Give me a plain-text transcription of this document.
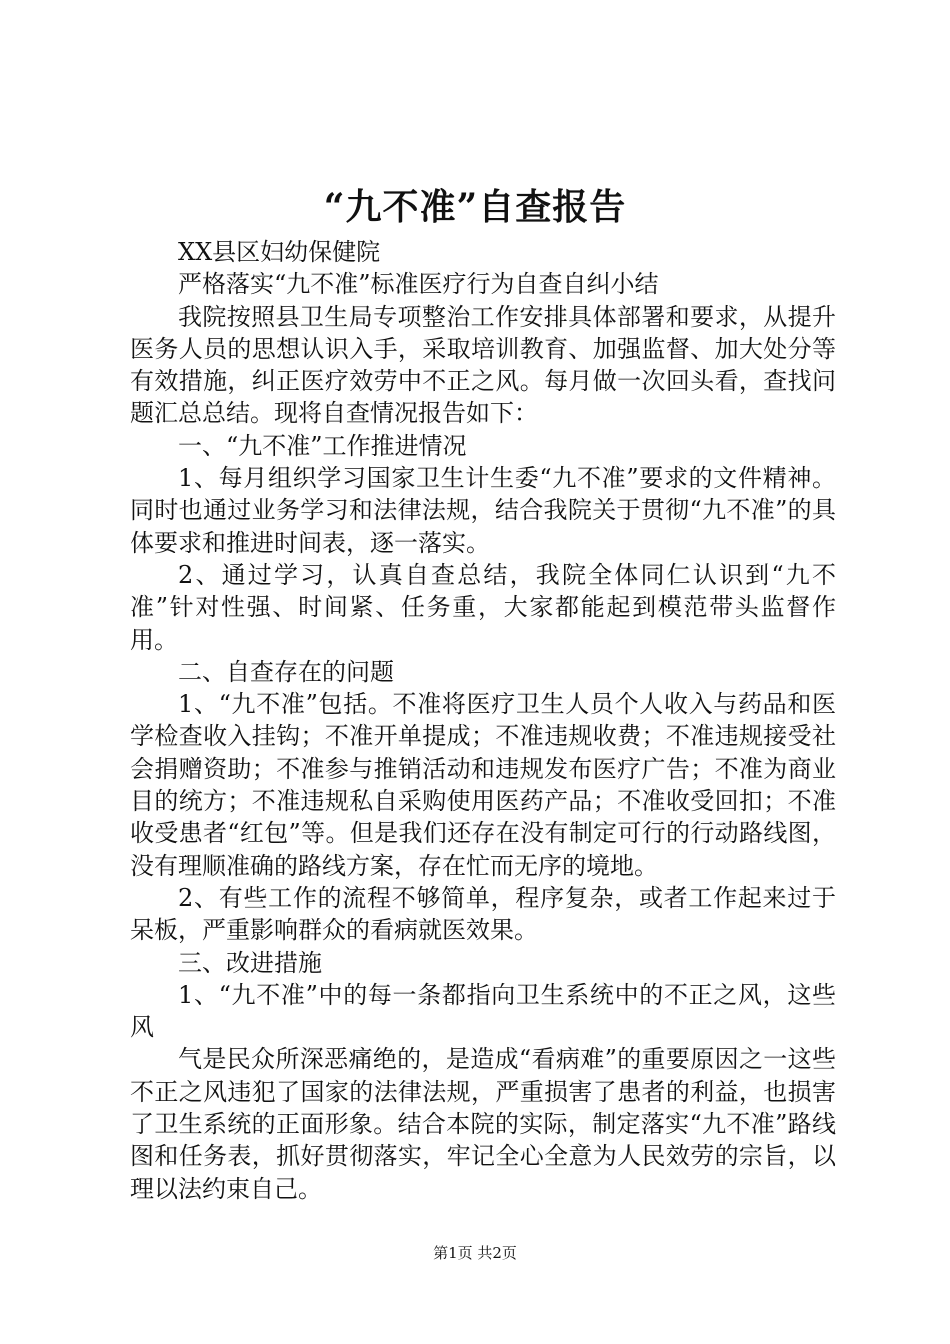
“九不准”自查报告

XX县区妇幼保健院

严格落实“九不准”标准医疗行为自查自纠小结

我院按照县卫生局专项整治工作安排具体部署和要求，从提升医务人员的思想认识入手，采取培训教育、加强监督、加大处分等有效措施，纠正医疗效劳中不正之风。每月做一次回头看，查找问题汇总总结。现将自查情况报告如下：

一、“九不准”工作推进情况

1、每月组织学习国家卫生计生委“九不准”要求的文件精神。同时也通过业务学习和法律法规，结合我院关于贯彻“九不准”的具体要求和推进时间表，逐一落实。

2、通过学习，认真自查总结，我院全体同仁认识到“九不准”针对性强、时间紧、任务重，大家都能起到模范带头监督作用。

二、自查存在的问题

1、“九不准”包括。不准将医疗卫生人员个人收入与药品和医学检查收入挂钩；不准开单提成；不准违规收费；不准违规接受社会捐赠资助；不准参与推销活动和违规发布医疗广告；不准为商业目的统方；不准违规私自采购使用医药产品；不准收受回扣；不准收受患者“红包”等。但是我们还存在没有制定可行的行动路线图，没有理顺准确的路线方案，存在忙而无序的境地。

2、有些工作的流程不够简单，程序复杂，或者工作起来过于呆板，严重影响群众的看病就医效果。

三、改进措施

1、“九不准”中的每一条都指向卫生系统中的不正之风，这些风

气是民众所深恶痛绝的，是造成“看病难”的重要原因之一这些不正之风违犯了国家的法律法规，严重损害了患者的利益，也损害了卫生系统的正面形象。结合本院的实际，制定落实“九不准”路线图和任务表，抓好贯彻落实，牢记全心全意为人民效劳的宗旨，以理以法约束自己。

第1页 共2页
